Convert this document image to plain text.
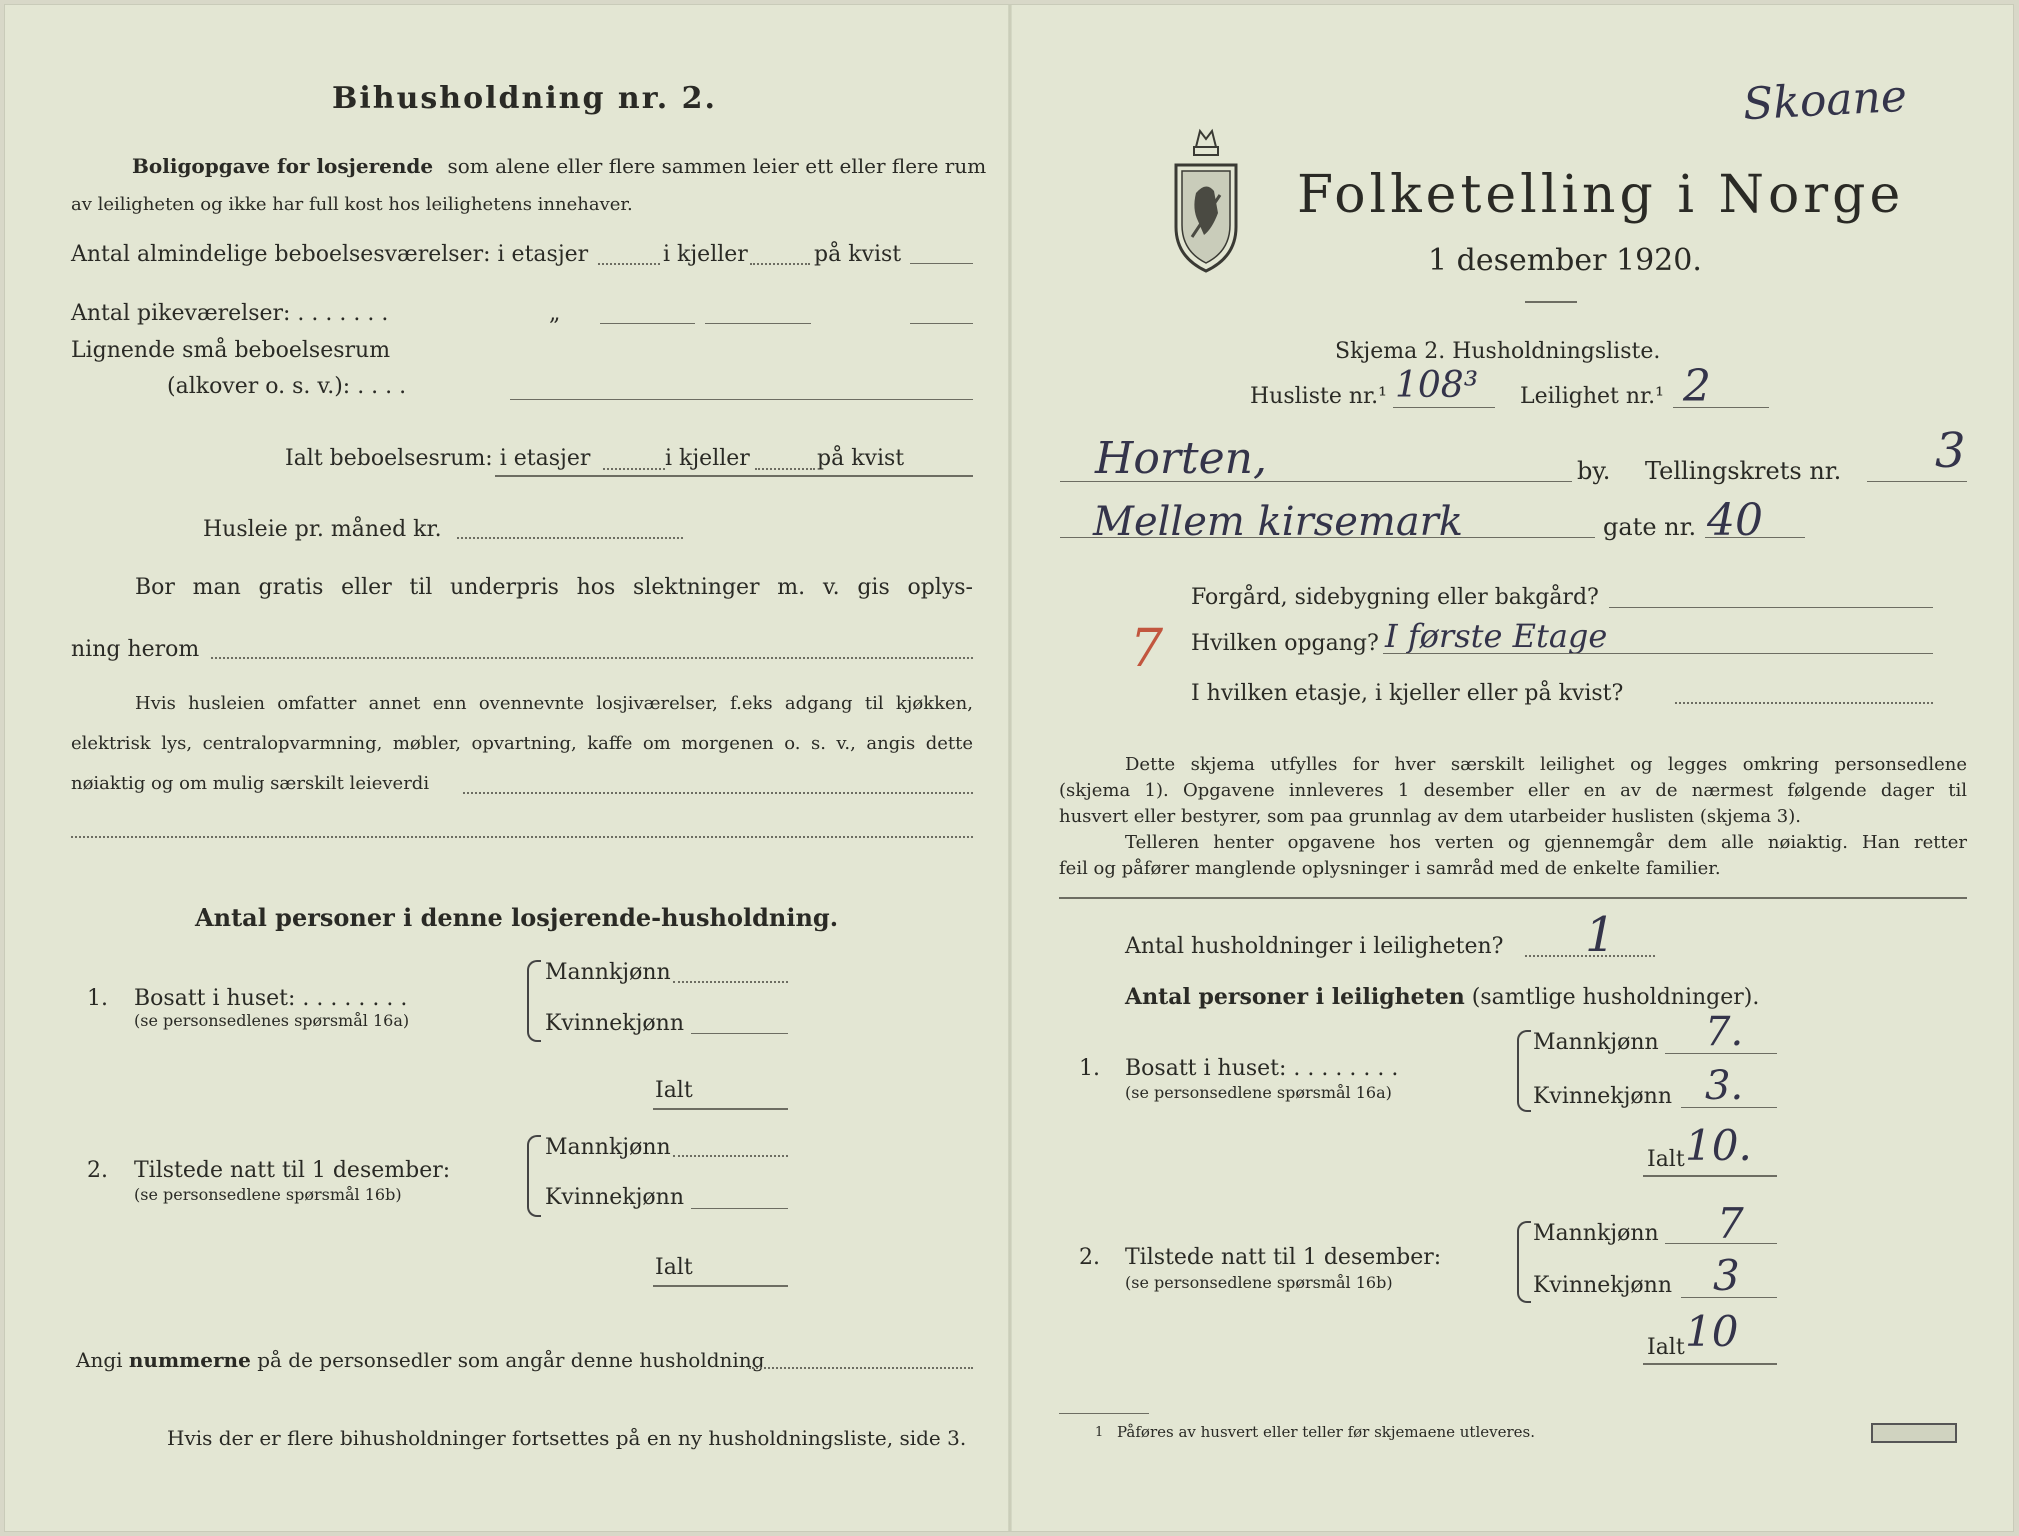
Bihusholdning nr. 2.
Boligopgave for losjerende som alene eller flere sammen leier ett eller flere rum
av leiligheten og ikke har full kost hos leilighetens innehaver.
Antal almindelige beboelsesværelser: i etasjer	i kjeller	på kvist
Antal pikeværelser: . . . . . . .	„
Lignende små beboelsesrum
(alkover o. s. v.): . . . .
Ialt beboelsesrum: i etasjer	i kjeller	på kvist
Husleie pr. måned kr.
Bor man gratis eller til underpris hos slektninger m. v. gis oplys-
ning herom
Hvis husleien omfatter annet enn ovennevnte losjiværelser, f.eks adgang til kjøkken,
elektrisk lys, centralopvarmning, møbler, opvartning, kaffe om morgenen o. s. v., angis dette
nøiaktig og om mulig særskilt leieverdi
Antal personer i denne losjerende-husholdning.
1. Bosatt i huset: . . . . . . . .
(se personsedlenes spørsmål 16a)
Mannkjønn
Kvinnekjønn
Ialt
2. Tilstede natt til 1 desember:
(se personsedlene spørsmål 16b)
Mannkjønn
Kvinnekjønn
Ialt
Angi nummerne på de personsedler som angår denne husholdning
Hvis der er flere bihusholdninger fortsettes på en ny husholdningsliste, side 3.
Folketelling i Norge
1 desember 1920.
Skoane
Skjema 2. Husholdningsliste.
Husliste nr.¹ 108³ Leilighet nr.¹ 2
Horten,	by. Tellingskrets nr. 3
Mellem kirsemark	gate nr. 40
Forgård, sidebygning eller bakgård?
7 Hvilken opgang? I første Etage
I hvilken etasje, i kjeller eller på kvist?
Dette skjema utfylles for hver særskilt leilighet og legges omkring personsedlene
(skjema 1). Opgavene innleveres 1 desember eller en av de nærmest følgende dager til
husvert eller bestyrer, som paa grunnlag av dem utarbeider huslisten (skjema 3).
Telleren henter opgavene hos verten og gjennemgår dem alle nøiaktig. Han retter
feil og påfører manglende oplysninger i samråd med de enkelte familier.
Antal husholdninger i leiligheten? 1
Antal personer i leiligheten (samtlige husholdninger).
1. Bosatt i huset: . . . . . . . .
(se personsedlene spørsmål 16a)
Mannkjønn 7.
Kvinnekjønn 3.
Ialt 10.
2. Tilstede natt til 1 desember:
(se personsedlene spørsmål 16b)
Mannkjønn 7
Kvinnekjønn 3
Ialt 10
1 Påføres av husvert eller teller før skjemaene utleveres.
